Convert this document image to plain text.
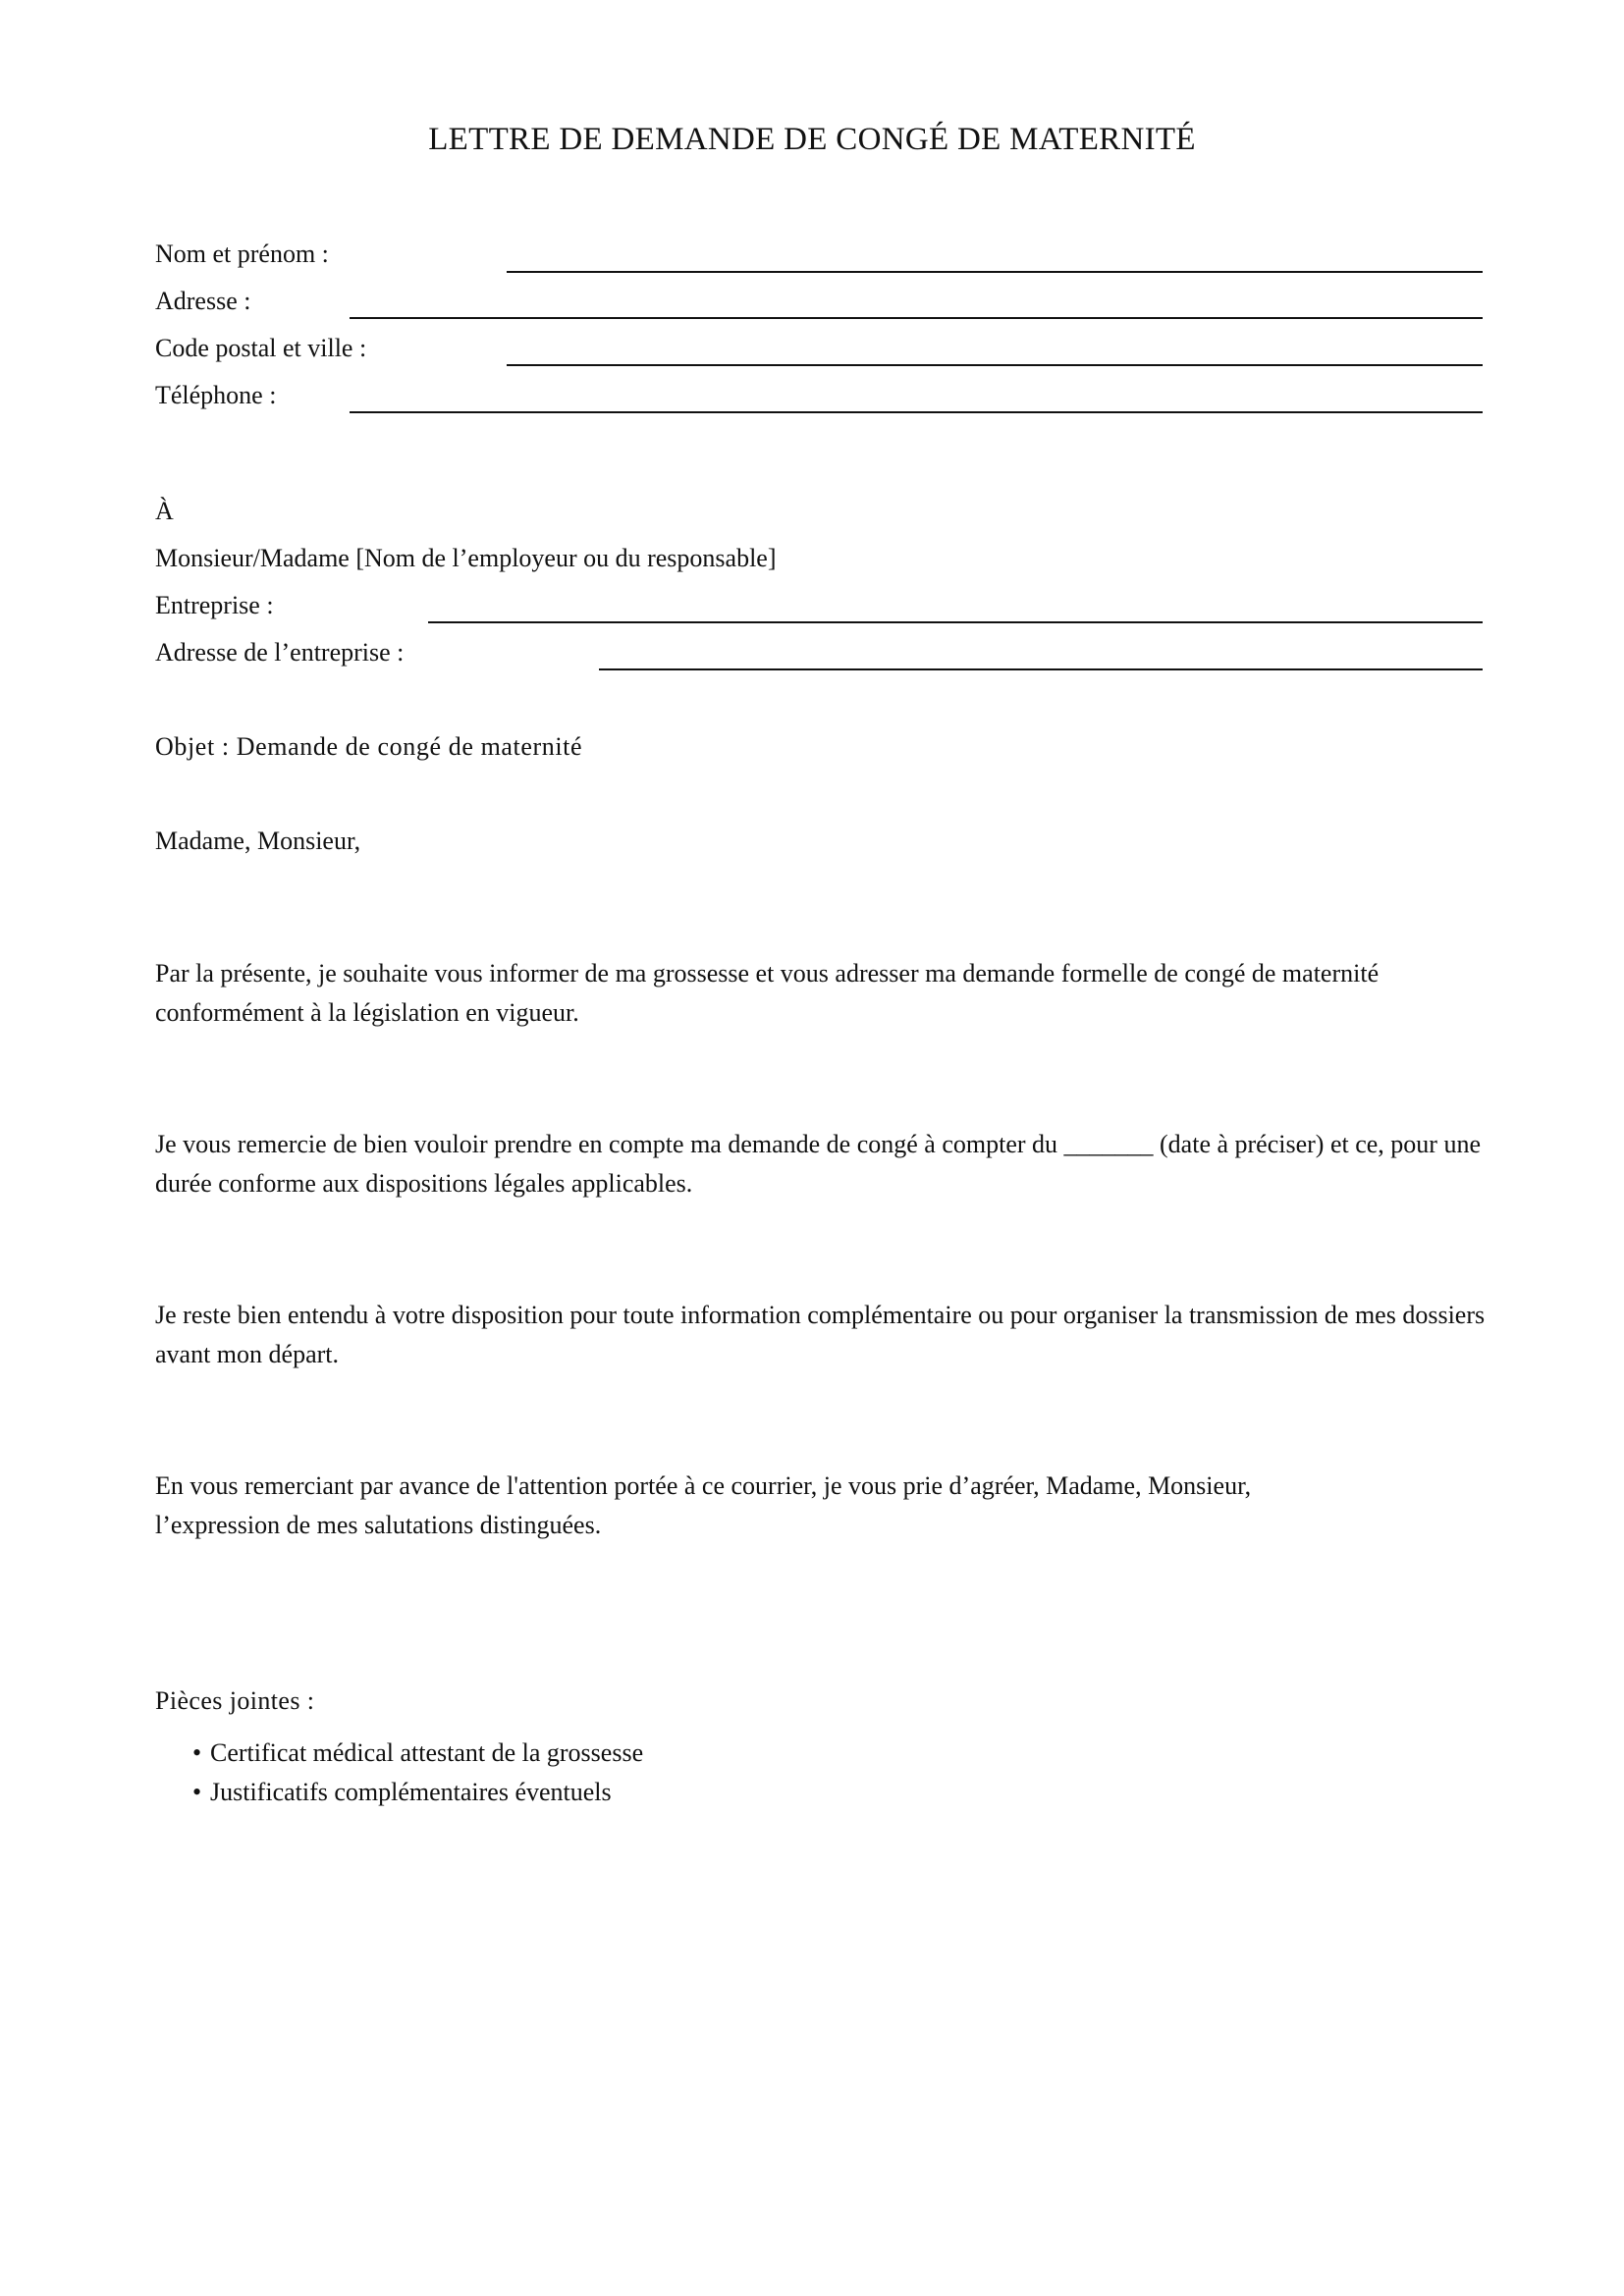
LETTRE DE DEMANDE DE CONGÉ DE MATERNITÉ
Nom et prénom :
Adresse :
Code postal et ville :
Téléphone :
À
Monsieur/Madame [Nom de l’employeur ou du responsable]
Entreprise :
Adresse de l’entreprise :
Objet : Demande de congé de maternité
Madame, Monsieur,
Par la présente, je souhaite vous informer de ma grossesse et vous adresser ma demande formelle de congé de maternité conformément à la législation en vigueur.
Je vous remercie de bien vouloir prendre en compte ma demande de congé à compter du _______ (date à préciser) et ce, pour une durée conforme aux dispositions légales applicables.
Je reste bien entendu à votre disposition pour toute information complémentaire ou pour organiser la transmission de mes dossiers avant mon départ.
En vous remerciant par avance de l'attention portée à ce courrier, je vous prie d’agréer, Madame, Monsieur, l’expression de mes salutations distinguées.
Pièces jointes :
• Certificat médical attestant de la grossesse
• Justificatifs complémentaires éventuels
